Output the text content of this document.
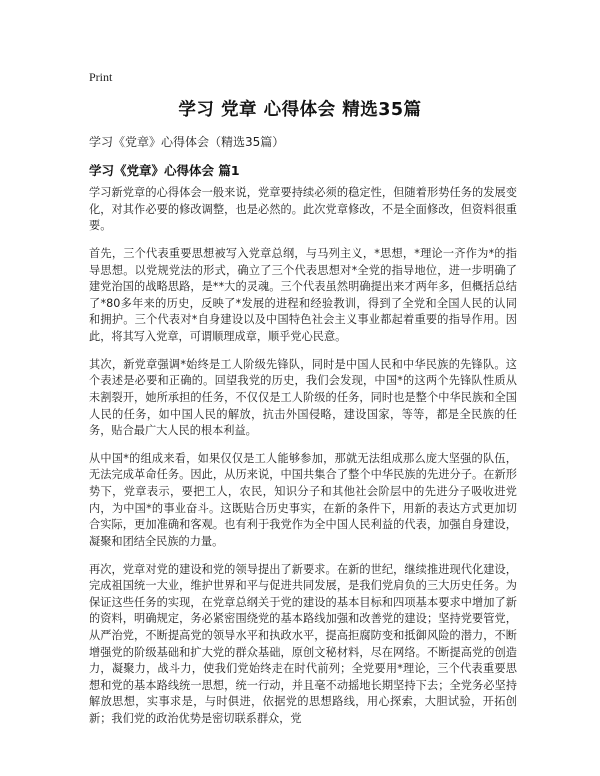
Print
学习 党章 心得体会 精选35篇
学习《党章》心得体会（精选35篇）
学习《党章》心得体会 篇1

学习新党章的心得体会一般来说，党章要持续必须的稳定性，但随着形势任务的发展变化，对其作必要的修改调整，也是必然的。此次党章修改，不是全面修改，但资料很重要。

首先，三个代表重要思想被写入党章总纲，与马列主义，*思想，*理论一齐作为*的指导思想。以党规党法的形式，确立了三个代表思想对*全党的指导地位，进一步明确了建党治国的战略思路，是**大的灵魂。三个代表虽然明确提出来才两年多，但概括总结了*80多年来的历史，反映了*发展的进程和经验教训，得到了全党和全国人民的认同和拥护。三个代表对*自身建设以及中国特色社会主义事业都起着重要的指导作用。因此，将其写入党章，可谓顺理成章，顺乎党心民意。

其次，新党章强调*始终是工人阶级先锋队，同时是中国人民和中华民族的先锋队。这个表述是必要和正确的。回望我党的历史，我们会发现，中国*的这两个先锋队性质从未割裂开，她所承担的任务，不仅仅是工人阶级的任务，同时也是整个中华民族和全国人民的任务，如中国人民的解放，抗击外国侵略，建设国家，等等，都是全民族的任务，贴合最广大人民的根本利益。

从中国*的组成来看，如果仅仅是工人能够参加，那就无法组成那么庞大坚强的队伍，无法完成革命任务。因此，从历来说，中国共集合了整个中华民族的先进分子。在新形势下，党章表示，要把工人，农民，知识分子和其他社会阶层中的先进分子吸收进党内，为中国*的事业奋斗。这既贴合历史事实，在新的条件下，用新的表达方式更加切合实际，更加准确和客观。也有利于我党作为全中国人民利益的代表，加强自身建设，凝聚和团结全民族的力量。

再次，党章对党的建设和党的领导提出了新要求。在新的世纪，继续推进现代化建设，完成祖国统一大业，维护世界和平与促进共同发展，是我们党肩负的三大历史任务。为保证这些任务的实现，在党章总纲关于党的建设的基本目标和四项基本要求中增加了新的资料，明确规定，务必紧密围绕党的基本路线加强和改善党的建设；坚持党要管党，从严治党，不断提高党的领导水平和执政水平，提高拒腐防变和抵御风险的潜力，不断增强党的阶级基础和扩大党的群众基础，原创文秘材料，尽在网络。不断提高党的创造力，凝聚力，战斗力，使我们党始终走在时代前列；全党要用*理论，三个代表重要思想和党的基本路线统一思想，统一行动，并且毫不动摇地长期坚持下去；全党务必坚持解放思想，实事求是，与时俱进，依据党的思想路线，用心探索，大胆试验，开拓创新；我们党的政治优势是密切联系群众，党
